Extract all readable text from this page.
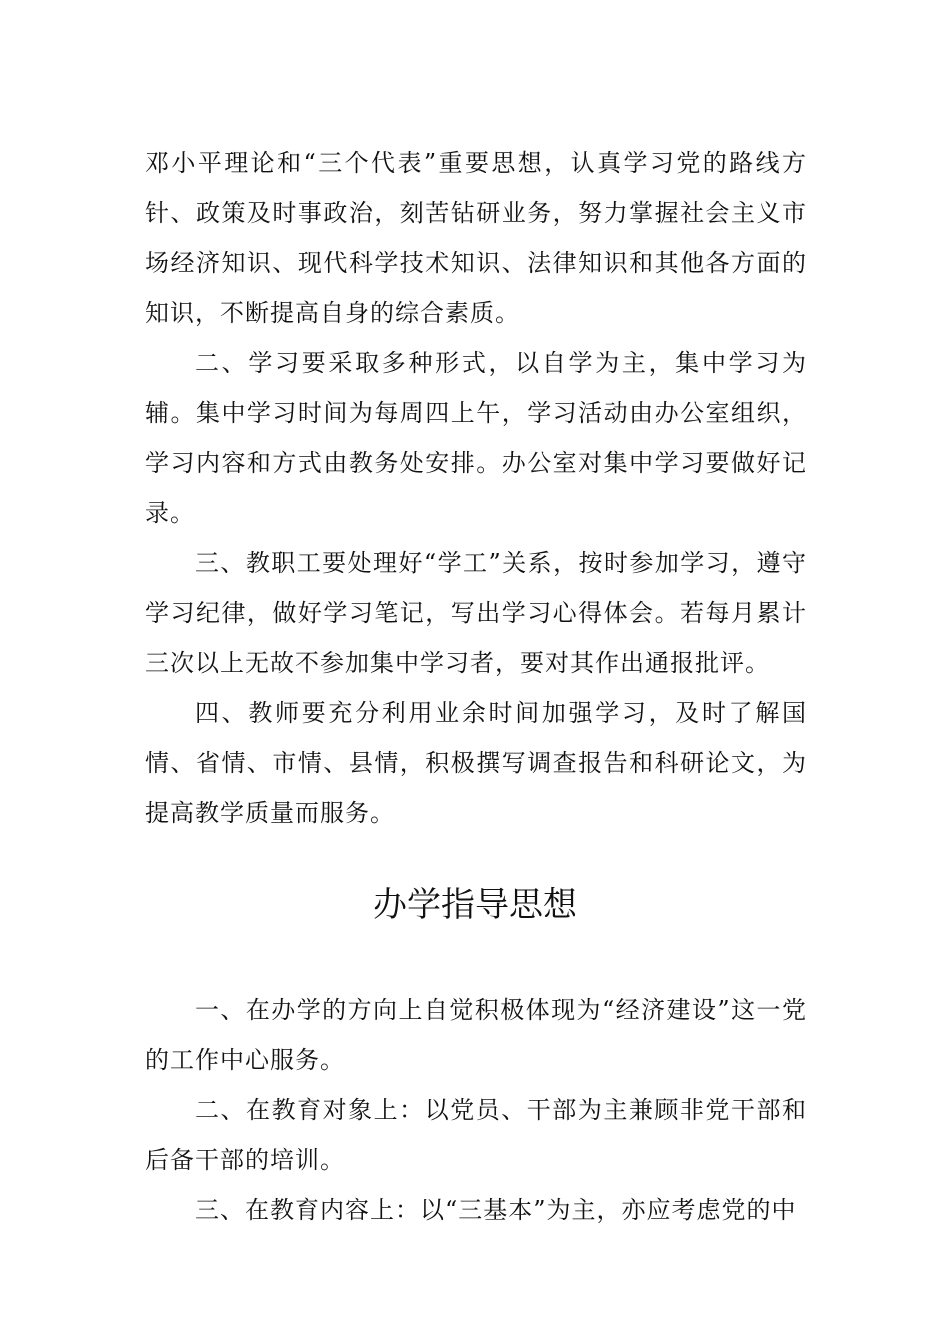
邓小平理论和“三个代表”重要思想，认真学习党的路线方针、政策及时事政治，刻苦钻研业务，努力掌握社会主义市场经济知识、现代科学技术知识、法律知识和其他各方面的知识，不断提高自身的综合素质。

二、学习要采取多种形式，以自学为主，集中学习为辅。集中学习时间为每周四上午，学习活动由办公室组织，学习内容和方式由教务处安排。办公室对集中学习要做好记录。

三、教职工要处理好“学工”关系，按时参加学习，遵守学习纪律，做好学习笔记，写出学习心得体会。若每月累计三次以上无故不参加集中学习者，要对其作出通报批评。

四、教师要充分利用业余时间加强学习，及时了解国情、省情、市情、县情，积极撰写调查报告和科研论文，为提高教学质量而服务。

办学指导思想

一、在办学的方向上自觉积极体现为“经济建设”这一党的工作中心服务。

二、在教育对象上：以党员、干部为主兼顾非党干部和后备干部的培训。

三、在教育内容上：以“三基本”为主，亦应考虑党的中
